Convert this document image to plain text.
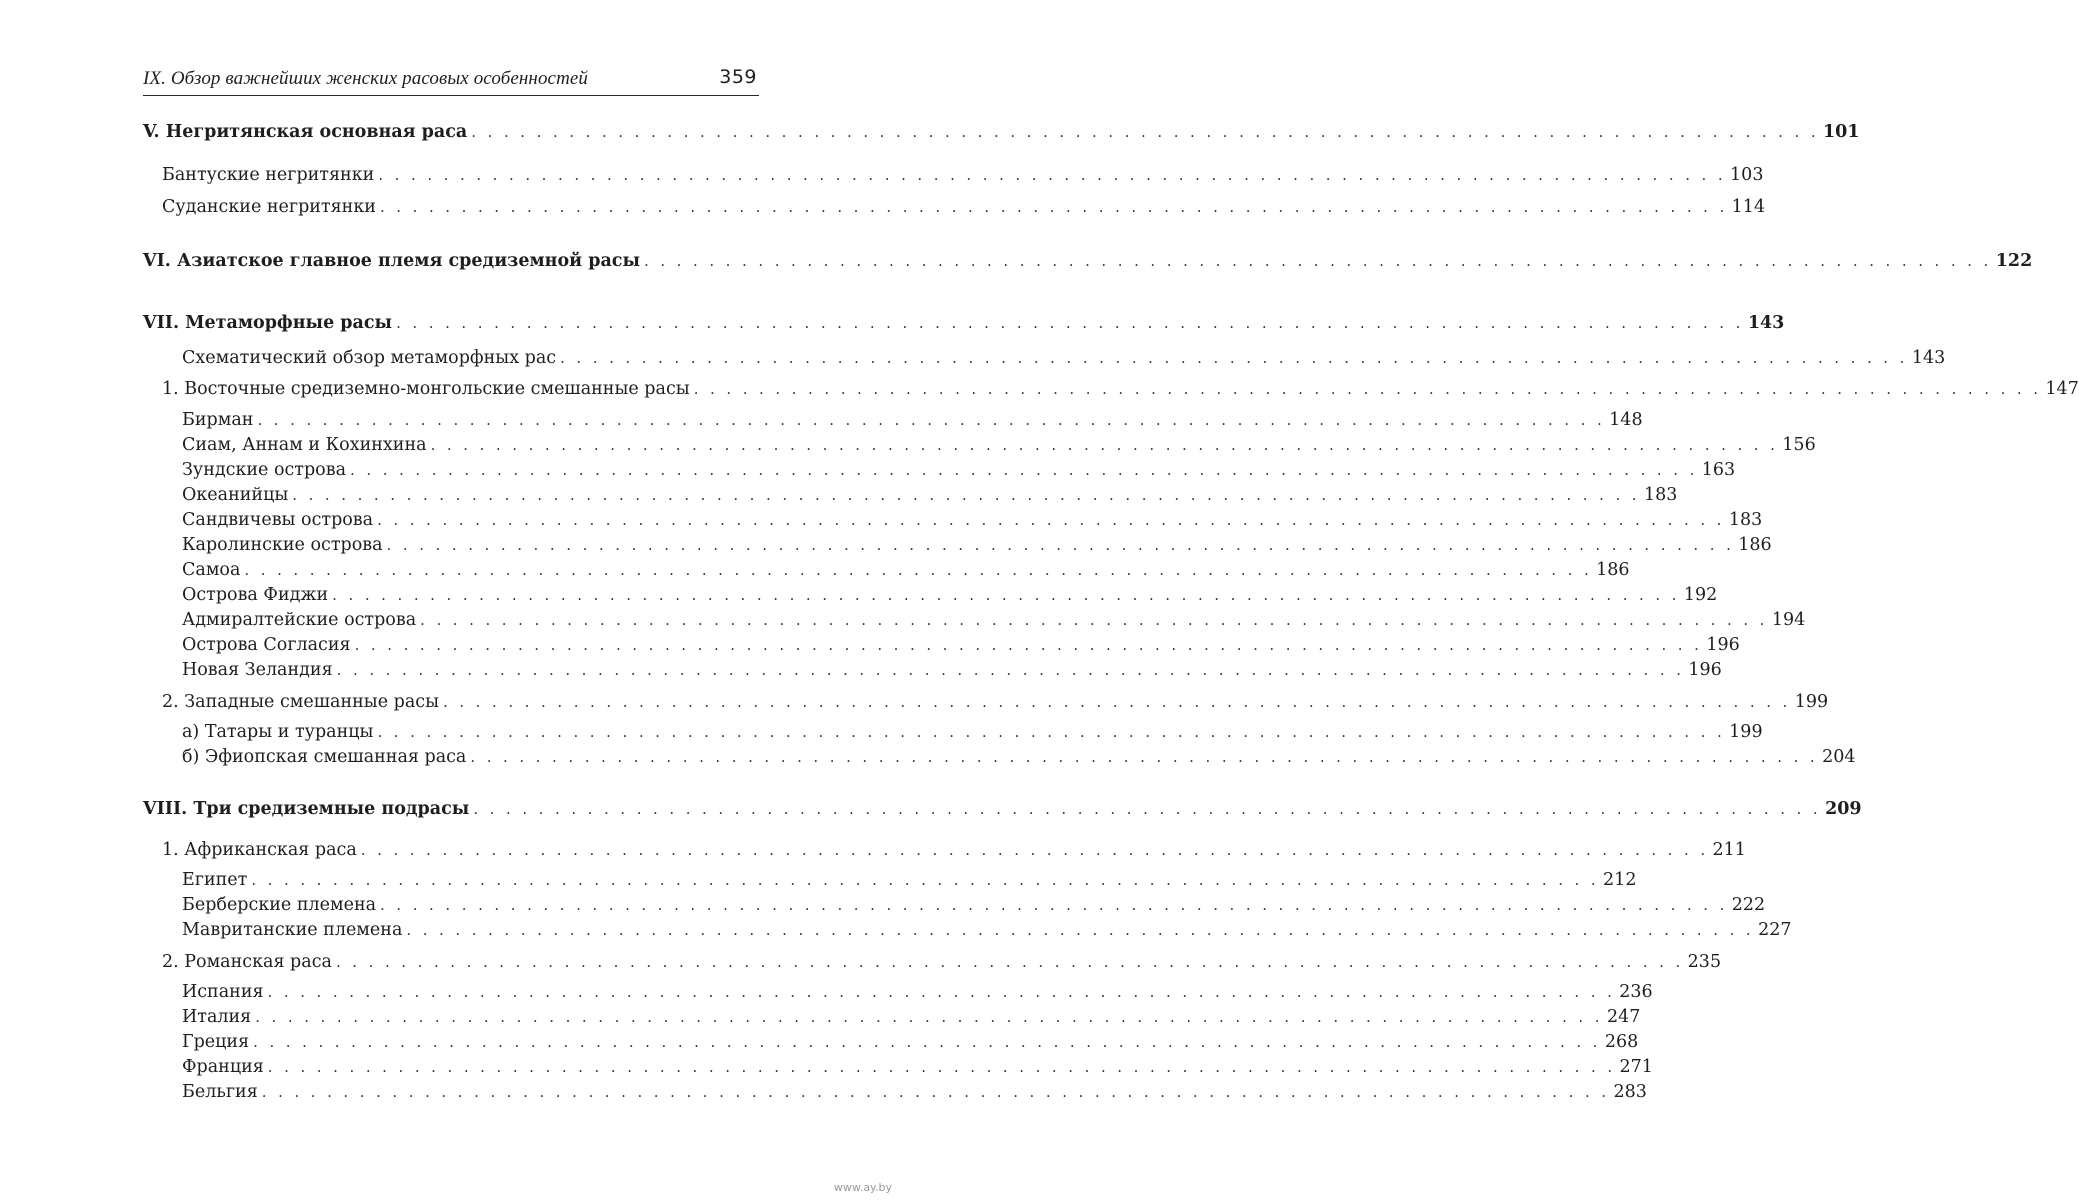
IX. Обзор важнейших женских расовых особенностей	359
V. Негритянская основная раса . . . . . . . . . . . . . . . . . . . . . . . . . . . . . . . . . . . . . . . . . . . . . . . . . . . . . . . . . . . . . . . . . . . . . . . . . . . . . . . . . . . 101
Бантуские негритянки . . . . . . . . . . . . . . . . . . . . . . . . . . . . . . . . . . . . . . . . . . . . . . . . . . . . . . . . . . . . . . . . . . . . . . . . . . . . . . . . . . . 103
Суданские негритянки . . . . . . . . . . . . . . . . . . . . . . . . . . . . . . . . . . . . . . . . . . . . . . . . . . . . . . . . . . . . . . . . . . . . . . . . . . . . . . . . . . . 114
VI. Азиатское главное племя средиземной расы . . . . . . . . . . . . . . . . . . . . . . . . . . . . . . . . . . . . . . . . . . . . . . . . . . . . . . . . . . . . . . . . . . . . . . . . . . . . . . . . . . . 122
VII. Метаморфные расы . . . . . . . . . . . . . . . . . . . . . . . . . . . . . . . . . . . . . . . . . . . . . . . . . . . . . . . . . . . . . . . . . . . . . . . . . . . . . . . . . . . 143
Схематический обзор метаморфных рас . . . . . . . . . . . . . . . . . . . . . . . . . . . . . . . . . . . . . . . . . . . . . . . . . . . . . . . . . . . . . . . . . . . . . . . . . . . . . . . . . . . 143
1. Восточные средиземно-монгольские смешанные расы . . . . . . . . . . . . . . . . . . . . . . . . . . . . . . . . . . . . . . . . . . . . . . . . . . . . . . . . . . . . . . . . . . . . . . . . . . . . . . . . . . . 147
Бирман . . . . . . . . . . . . . . . . . . . . . . . . . . . . . . . . . . . . . . . . . . . . . . . . . . . . . . . . . . . . . . . . . . . . . . . . . . . . . . . . . . . 148
Сиам, Аннам и Кохинхина . . . . . . . . . . . . . . . . . . . . . . . . . . . . . . . . . . . . . . . . . . . . . . . . . . . . . . . . . . . . . . . . . . . . . . . . . . . . . . . . . . . 156
Зундские острова . . . . . . . . . . . . . . . . . . . . . . . . . . . . . . . . . . . . . . . . . . . . . . . . . . . . . . . . . . . . . . . . . . . . . . . . . . . . . . . . . . . 163
Океанийцы . . . . . . . . . . . . . . . . . . . . . . . . . . . . . . . . . . . . . . . . . . . . . . . . . . . . . . . . . . . . . . . . . . . . . . . . . . . . . . . . . . . 183
Сандвичевы острова . . . . . . . . . . . . . . . . . . . . . . . . . . . . . . . . . . . . . . . . . . . . . . . . . . . . . . . . . . . . . . . . . . . . . . . . . . . . . . . . . . . 183
Каролинские острова . . . . . . . . . . . . . . . . . . . . . . . . . . . . . . . . . . . . . . . . . . . . . . . . . . . . . . . . . . . . . . . . . . . . . . . . . . . . . . . . . . . 186
Самоа . . . . . . . . . . . . . . . . . . . . . . . . . . . . . . . . . . . . . . . . . . . . . . . . . . . . . . . . . . . . . . . . . . . . . . . . . . . . . . . . . . . 186
Острова Фиджи . . . . . . . . . . . . . . . . . . . . . . . . . . . . . . . . . . . . . . . . . . . . . . . . . . . . . . . . . . . . . . . . . . . . . . . . . . . . . . . . . . . 192
Адмиралтейские острова . . . . . . . . . . . . . . . . . . . . . . . . . . . . . . . . . . . . . . . . . . . . . . . . . . . . . . . . . . . . . . . . . . . . . . . . . . . . . . . . . . . 194
Острова Согласия . . . . . . . . . . . . . . . . . . . . . . . . . . . . . . . . . . . . . . . . . . . . . . . . . . . . . . . . . . . . . . . . . . . . . . . . . . . . . . . . . . . 196
Новая Зеландия . . . . . . . . . . . . . . . . . . . . . . . . . . . . . . . . . . . . . . . . . . . . . . . . . . . . . . . . . . . . . . . . . . . . . . . . . . . . . . . . . . . 196
2. Западные смешанные расы . . . . . . . . . . . . . . . . . . . . . . . . . . . . . . . . . . . . . . . . . . . . . . . . . . . . . . . . . . . . . . . . . . . . . . . . . . . . . . . . . . . 199
а) Татары и туранцы . . . . . . . . . . . . . . . . . . . . . . . . . . . . . . . . . . . . . . . . . . . . . . . . . . . . . . . . . . . . . . . . . . . . . . . . . . . . . . . . . . . 199
б) Эфиопская смешанная раса . . . . . . . . . . . . . . . . . . . . . . . . . . . . . . . . . . . . . . . . . . . . . . . . . . . . . . . . . . . . . . . . . . . . . . . . . . . . . . . . . . . 204
VIII. Три средиземные подрасы . . . . . . . . . . . . . . . . . . . . . . . . . . . . . . . . . . . . . . . . . . . . . . . . . . . . . . . . . . . . . . . . . . . . . . . . . . . . . . . . . . . 209
1. Африканская раса . . . . . . . . . . . . . . . . . . . . . . . . . . . . . . . . . . . . . . . . . . . . . . . . . . . . . . . . . . . . . . . . . . . . . . . . . . . . . . . . . . . 211
Египет . . . . . . . . . . . . . . . . . . . . . . . . . . . . . . . . . . . . . . . . . . . . . . . . . . . . . . . . . . . . . . . . . . . . . . . . . . . . . . . . . . . 212
Берберские племена . . . . . . . . . . . . . . . . . . . . . . . . . . . . . . . . . . . . . . . . . . . . . . . . . . . . . . . . . . . . . . . . . . . . . . . . . . . . . . . . . . . 222
Мавританские племена . . . . . . . . . . . . . . . . . . . . . . . . . . . . . . . . . . . . . . . . . . . . . . . . . . . . . . . . . . . . . . . . . . . . . . . . . . . . . . . . . . . 227
2. Романская раса . . . . . . . . . . . . . . . . . . . . . . . . . . . . . . . . . . . . . . . . . . . . . . . . . . . . . . . . . . . . . . . . . . . . . . . . . . . . . . . . . . . 235
Испания . . . . . . . . . . . . . . . . . . . . . . . . . . . . . . . . . . . . . . . . . . . . . . . . . . . . . . . . . . . . . . . . . . . . . . . . . . . . . . . . . . . 236
Италия . . . . . . . . . . . . . . . . . . . . . . . . . . . . . . . . . . . . . . . . . . . . . . . . . . . . . . . . . . . . . . . . . . . . . . . . . . . . . . . . . . . 247
Греция . . . . . . . . . . . . . . . . . . . . . . . . . . . . . . . . . . . . . . . . . . . . . . . . . . . . . . . . . . . . . . . . . . . . . . . . . . . . . . . . . . . 268
Франция . . . . . . . . . . . . . . . . . . . . . . . . . . . . . . . . . . . . . . . . . . . . . . . . . . . . . . . . . . . . . . . . . . . . . . . . . . . . . . . . . . . 271
Бельгия . . . . . . . . . . . . . . . . . . . . . . . . . . . . . . . . . . . . . . . . . . . . . . . . . . . . . . . . . . . . . . . . . . . . . . . . . . . . . . . . . . . 283
www.ay.by
